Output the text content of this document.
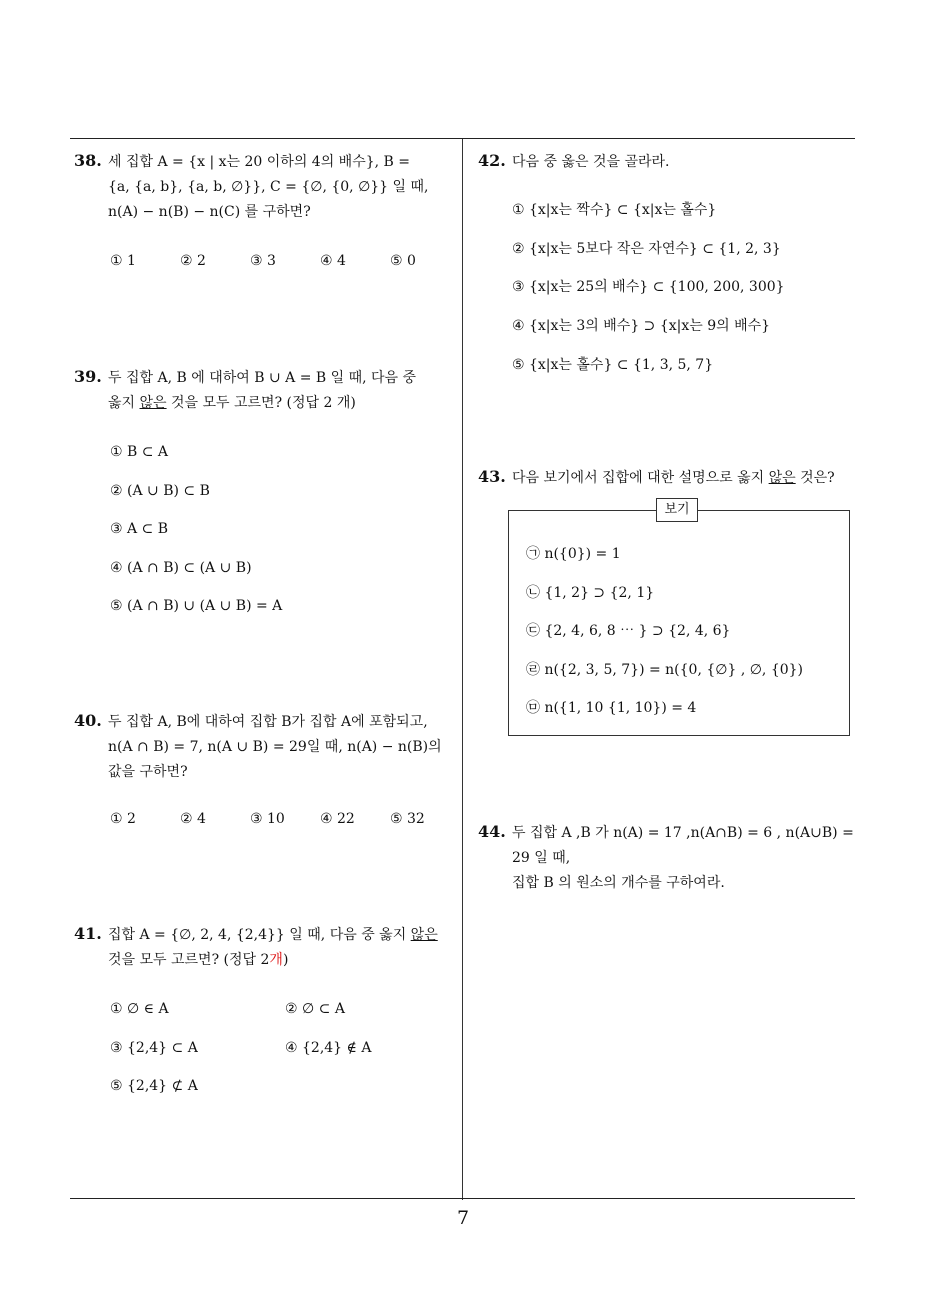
38. 세 집합 A = {x | x는 20 이하의 4의 배수}, B =
{a, {a, b}, {a, b, ∅}}, C = {∅, {0, ∅}} 일 때,
n(A) − n(B) − n(C) 를 구하면?
① 1	② 2	③ 3	④ 4	⑤ 0
39. 두 집합 A, B 에 대하여 B ∪ A = B 일 때, 다음 중
옳지 않은 것을 모두 고르면? (정답 2 개)
① B ⊂ A
② (A ∪ B) ⊂ B
③ A ⊂ B
④ (A ∩ B) ⊂ (A ∪ B)
⑤ (A ∩ B) ∪ (A ∪ B) = A
40. 두 집합 A, B에 대하여 집합 B가 집합 A에 포함되고,
n(A ∩ B) = 7, n(A ∪ B) = 29일 때, n(A) − n(B)의
값을 구하면?
① 2	② 4	③ 10	④ 22	⑤ 32
41. 집합 A = {∅, 2, 4, {2,4}} 일 때, 다음 중 옳지 않은
것을 모두 고르면? (정답 2개)
① ∅ ∈ A	② ∅ ⊂ A
③ {2,4} ⊂ A	④ {2,4} ∉ A
⑤ {2,4} ⊄ A
42. 다음 중 옳은 것을 골라라.
① {x|x는 짝수} ⊂ {x|x는 홀수}
② {x|x는 5보다 작은 자연수} ⊂ {1, 2, 3}
③ {x|x는 25의 배수} ⊂ {100, 200, 300}
④ {x|x는 3의 배수} ⊃ {x|x는 9의 배수}
⑤ {x|x는 홀수} ⊂ {1, 3, 5, 7}
43. 다음 보기에서 집합에 대한 설명으로 옳지 않은 것은?
보기
㉠ n({0}) = 1
㉡ {1, 2} ⊃ {2, 1}
㉢ {2, 4, 6, 8 ⋯ } ⊃ {2, 4, 6}
㉣ n({2, 3, 5, 7}) = n({0, {∅} , ∅, {0})
㉤ n({1, 10 {1, 10}) = 4
44. 두 집합 A ,B 가 n(A) = 17 ,n(A∩B) = 6 , n(A∪B) =
29 일 때,
집합 B 의 원소의 개수를 구하여라.
7
